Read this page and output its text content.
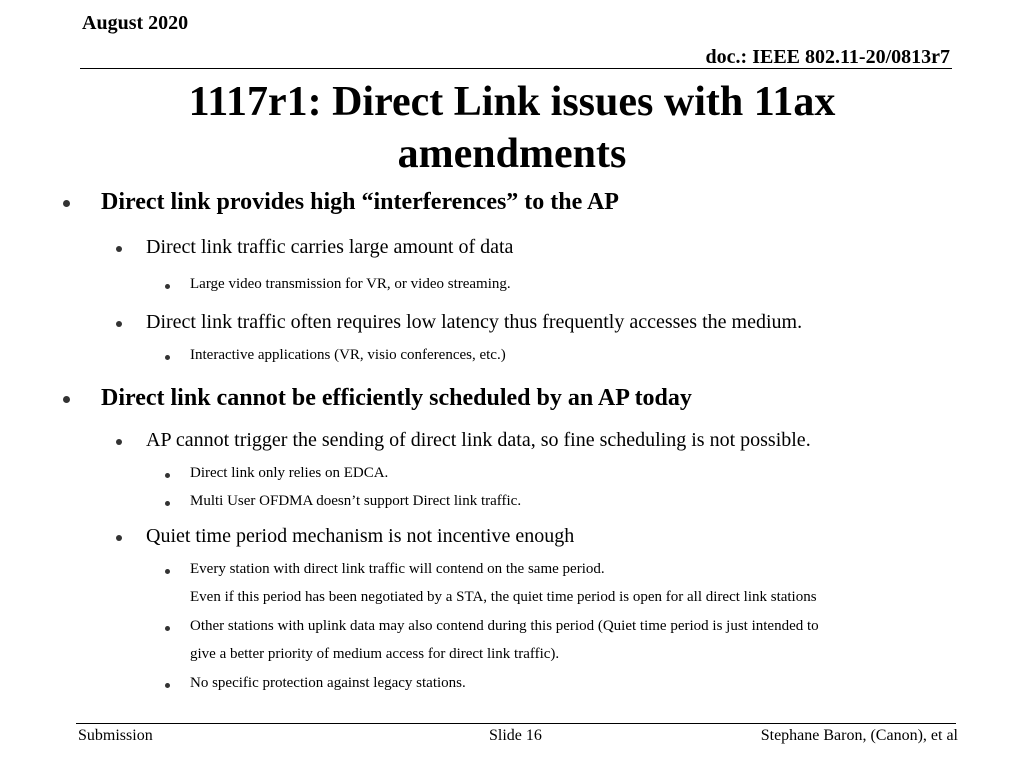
August 2020
doc.: IEEE 802.11-20/0813r7
1117r1: Direct Link issues with 11ax
amendments
Direct link provides high “interferences” to the AP
Direct link traffic carries large amount of data
Large video transmission for VR, or video streaming.
Direct link traffic often requires low latency thus frequently accesses the medium.
Interactive applications (VR, visio conferences, etc.)
Direct link cannot be efficiently scheduled by an AP today
AP cannot trigger the sending of direct link data, so fine scheduling is not possible.
Direct link only relies on EDCA.
Multi User OFDMA doesn’t support Direct link traffic.
Quiet time period mechanism is not incentive enough
Every station with direct link traffic will contend on the same period.
Even if this period has been negotiated by a STA, the quiet time period is open for all direct link stations
Other stations with uplink data may also contend during this period (Quiet time period is just intended to
give a better priority of medium access for direct link traffic).
No specific protection against legacy stations.
Submission	Slide 16	Stephane Baron, (Canon), et al
